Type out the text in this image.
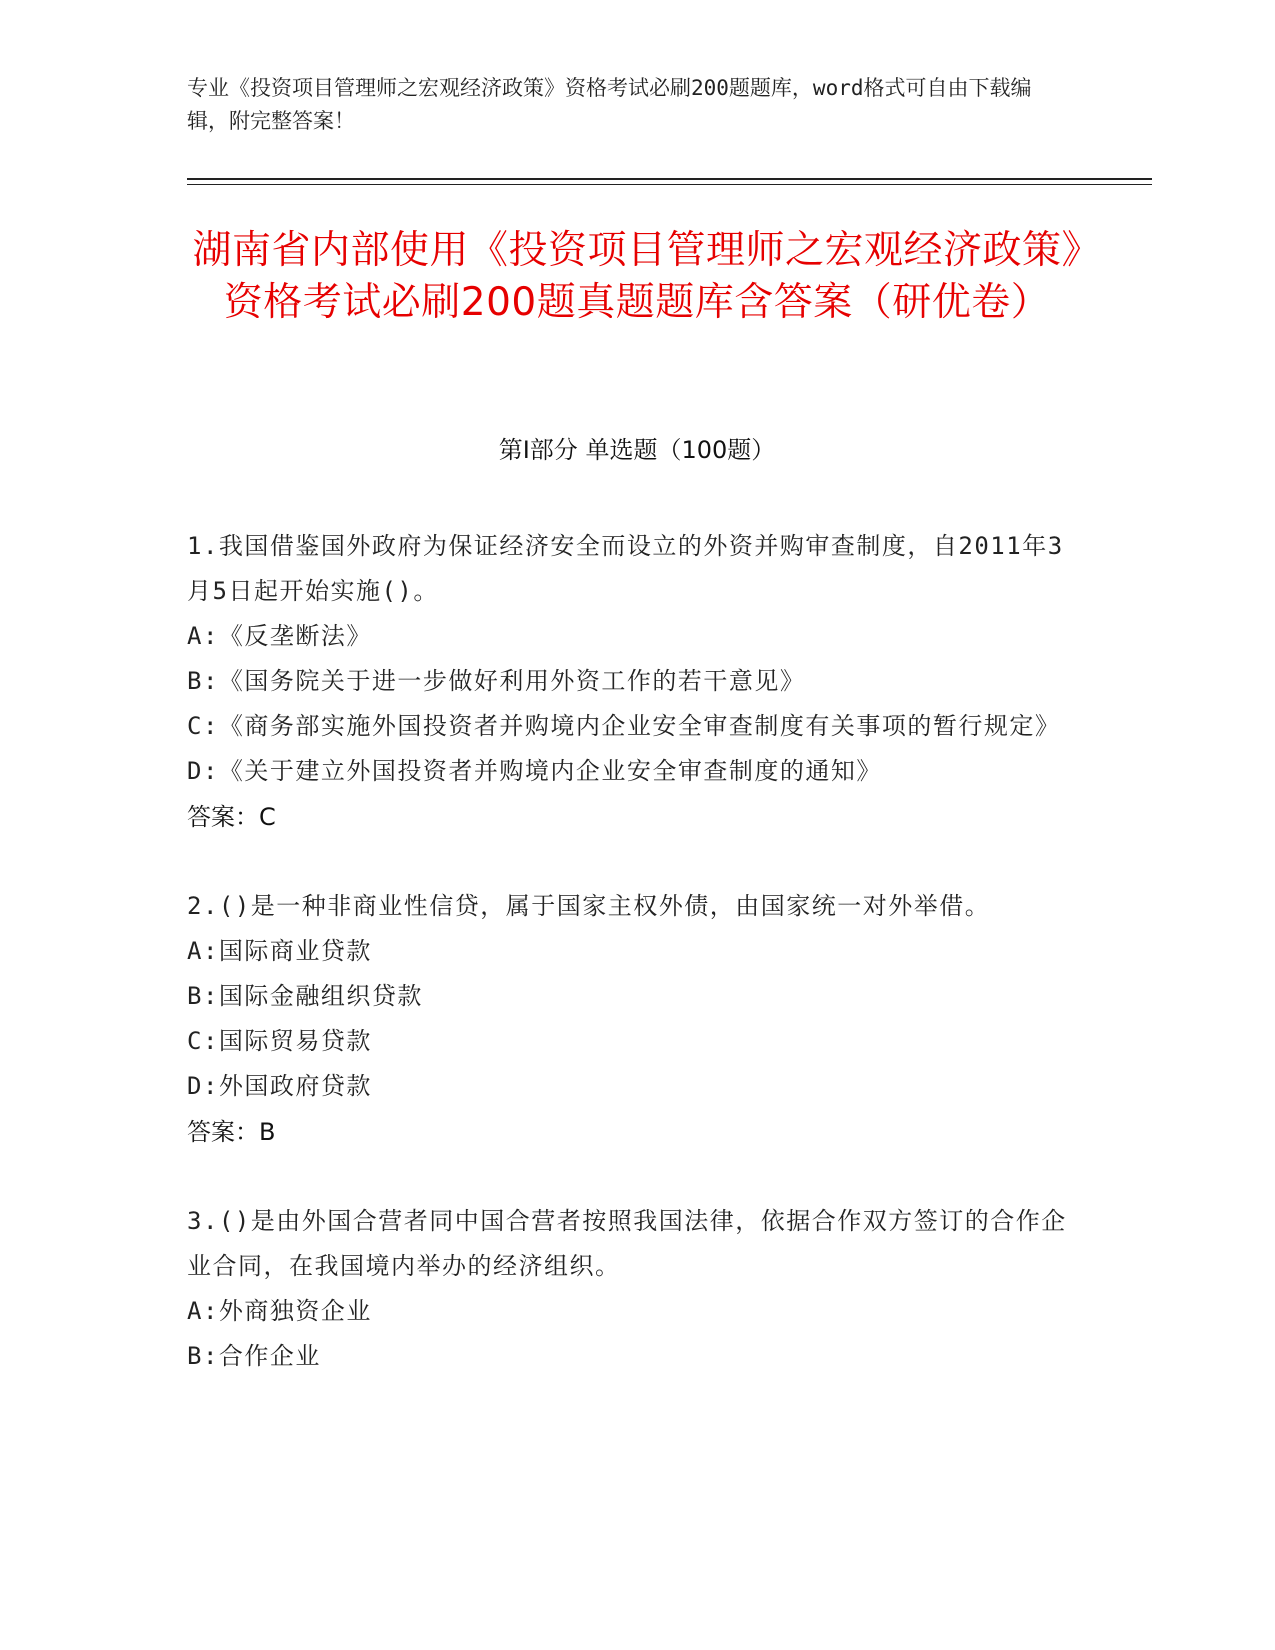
专业《投资项目管理师之宏观经济政策》资格考试必刷200题题库，word格式可自由下载编辑，附完整答案！
湖南省内部使用《投资项目管理师之宏观经济政策》资格考试必刷200题真题题库含答案（研优卷）
第Ⅰ部分 单选题（100题）
1.我国借鉴国外政府为保证经济安全而设立的外资并购审查制度，自2011年3月5日起开始实施()。
A:《反垄断法》
B:《国务院关于进一步做好利用外资工作的若干意见》
C:《商务部实施外国投资者并购境内企业安全审查制度有关事项的暂行规定》
D:《关于建立外国投资者并购境内企业安全审查制度的通知》
答案：C
2.()是一种非商业性信贷，属于国家主权外债，由国家统一对外举借。
A:国际商业贷款
B:国际金融组织贷款
C:国际贸易贷款
D:外国政府贷款
答案：B
3.()是由外国合营者同中国合营者按照我国法律，依据合作双方签订的合作企业合同，在我国境内举办的经济组织。
A:外商独资企业
B:合作企业
